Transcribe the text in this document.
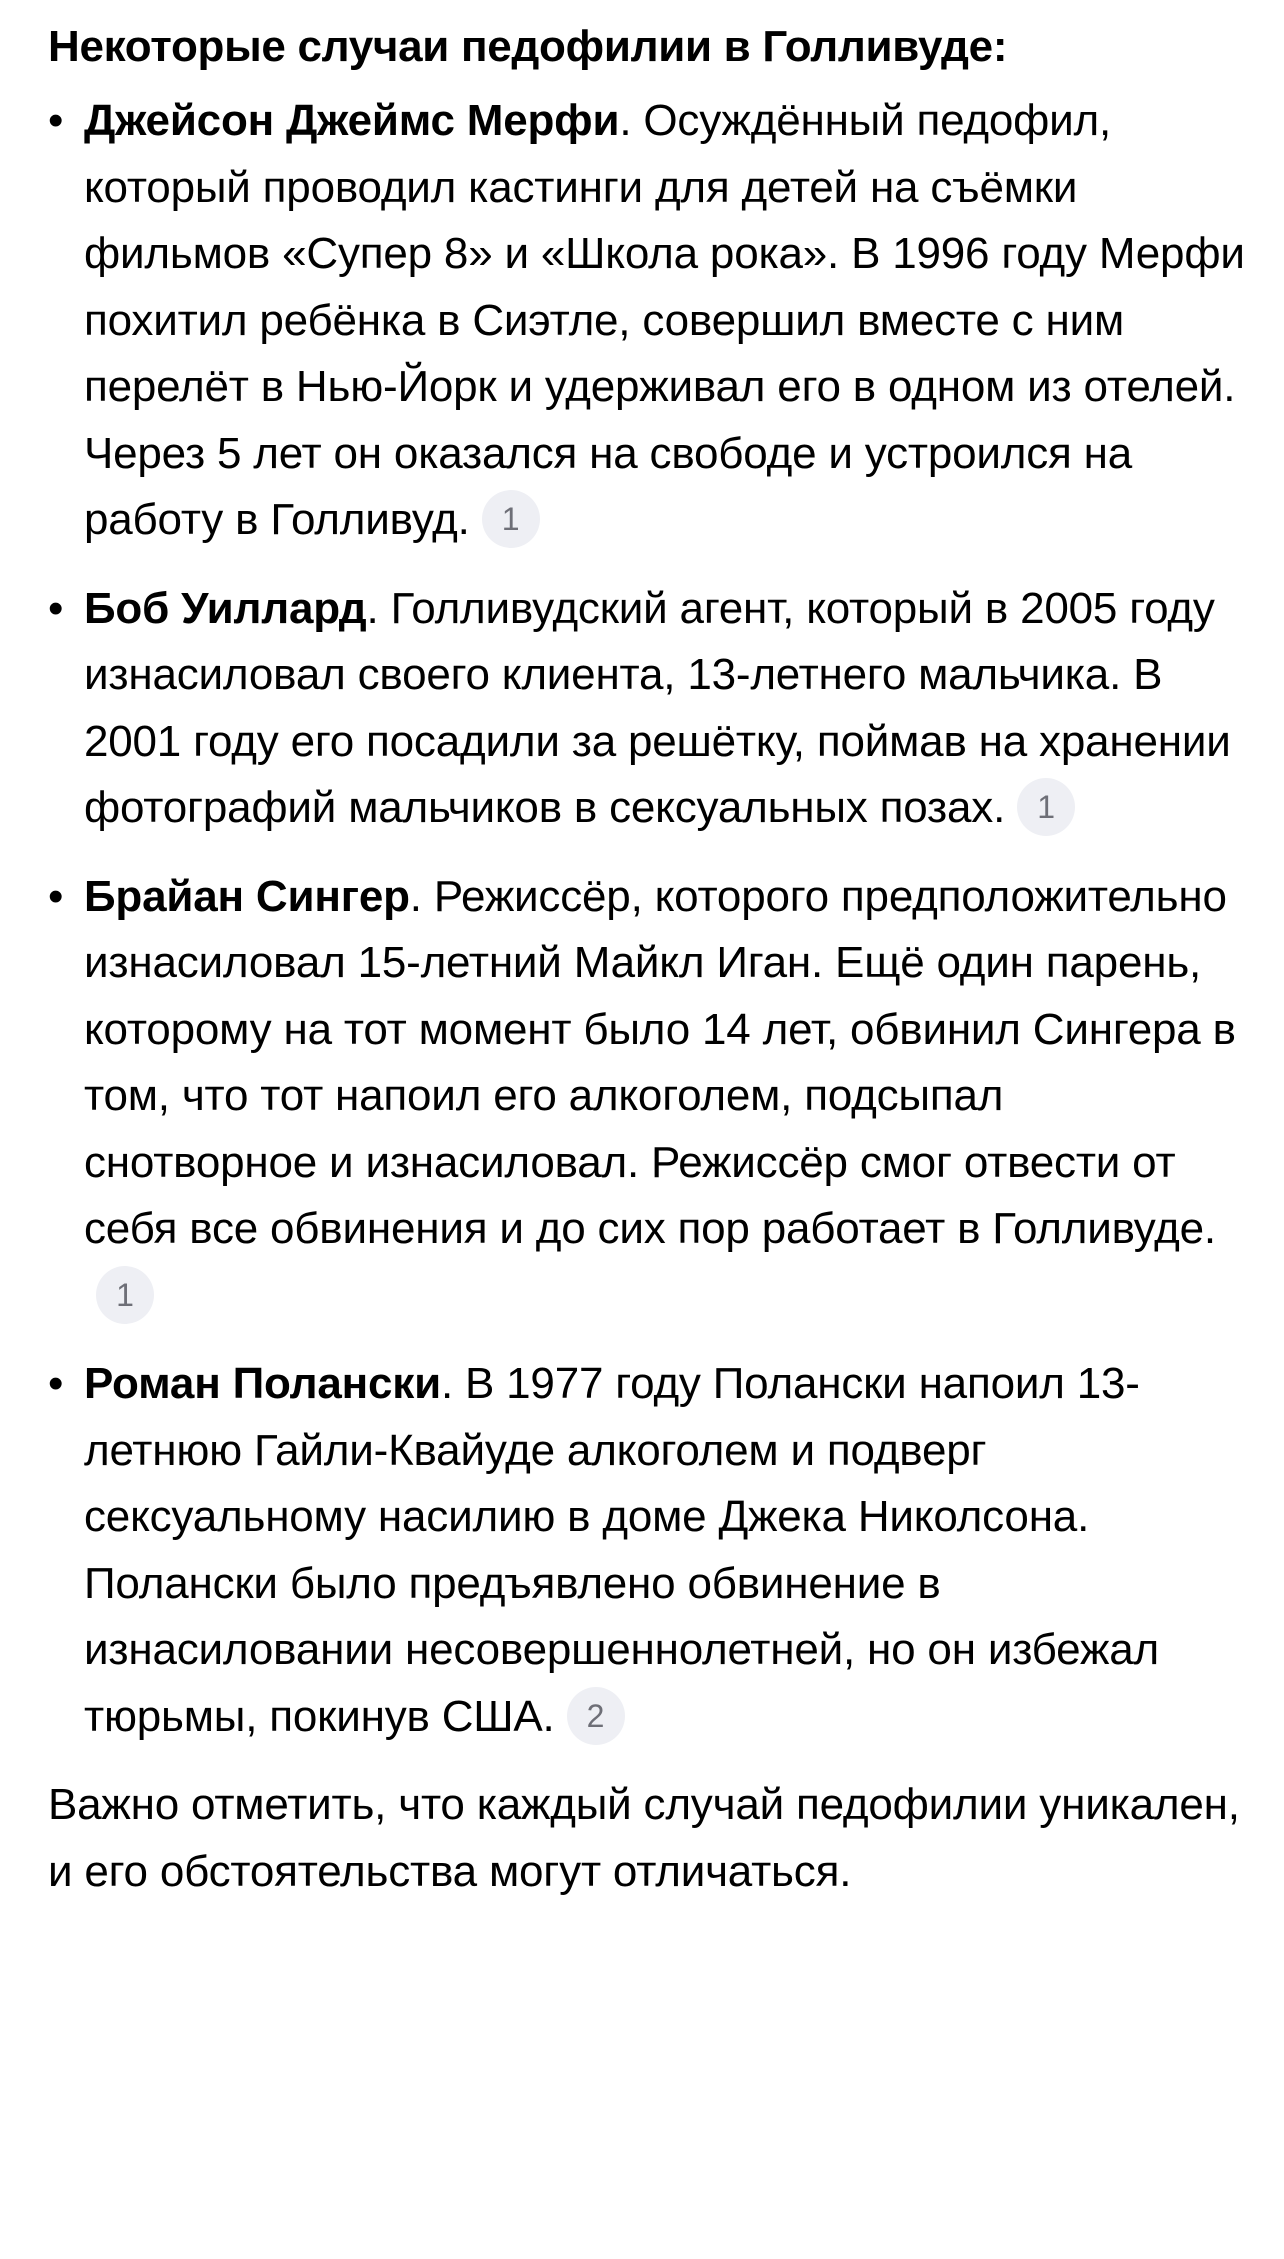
Некоторые случаи педофилии в Голливуде:
• Джейсон Джеймс Мерфи. Осуждённый педофил, который проводил кастинги для детей на съёмки фильмов «Супер 8» и «Школа рока». В 1996 году Мерфи похитил ребёнка в Сиэтле, совершил вместе с ним перелёт в Нью-Йорк и удерживал его в одном из отелей. Через 5 лет он оказался на свободе и устроился на работу в Голливуд. 1
• Боб Уиллард. Голливудский агент, который в 2005 году изнасиловал своего клиента, 13-летнего мальчика. В 2001 году его посадили за решётку, поймав на хранении фотографий мальчиков в сексуальных позах. 1
• Брайан Сингер. Режиссёр, которого предположительно изнасиловал 15-летний Майкл Иган. Ещё один парень, которому на тот момент было 14 лет, обвинил Сингера в том, что тот напоил его алкоголем, подсыпал снотворное и изнасиловал. Режиссёр смог отвести от себя все обвинения и до сих пор работает в Голливуде.1
• Роман Полански. В 1977 году Полански напоил 13-летнюю Гайли-Квайуде алкоголем и подверг сексуальному насилию в доме Джека Николсона. Полански было предъявлено обвинение в изнасиловании несовершеннолетней, но он избежал тюрьмы, покинув США. 2

Важно отметить, что каждый случай педофилии уникален, и его обстоятельства могут отличаться.
